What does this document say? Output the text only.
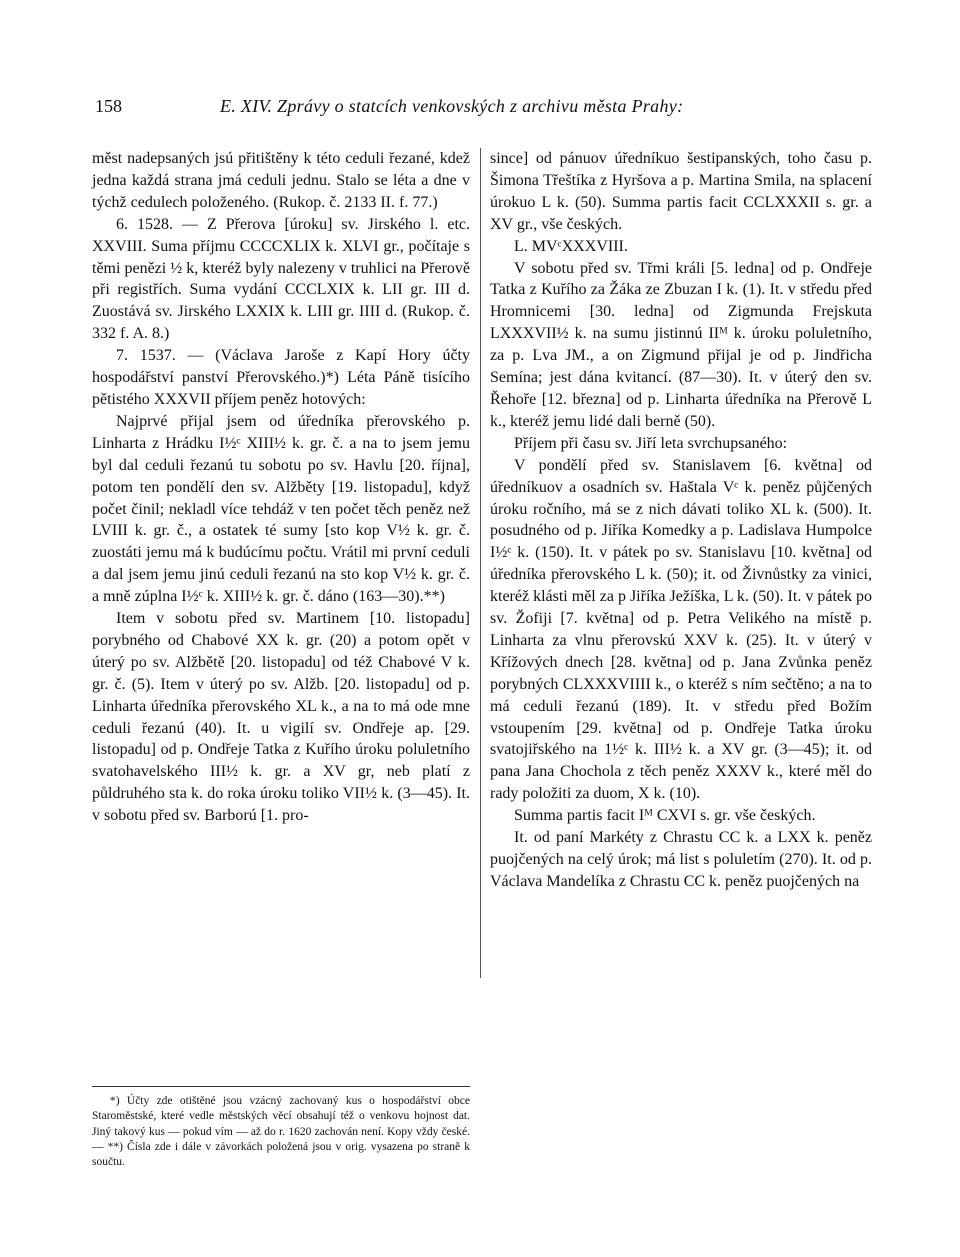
158	E. XIV. Zprávy o statcích venkovských z archivu města Prahy:

měst nadepsaných jsú přitištěny k této ceduli řezané, kdež jedna každá strana jmá ceduli jednu. Stalo se léta a dne v týchž cedulech položeného. (Rukop. č. 2133 II. f. 77.)

6. 1528. — Z Přerova [úroku] sv. Jirského l. etc. XXVIII. Suma příjmu CCCCXLIX k. XLVI gr., počítaje s těmi penězi ½ k, kteréž byly nalezeny v truhlici na Přerově při registřích. Suma vydání CCCLXIX k. LII gr. III d. Zuostává sv. Jirského LXXIX k. LIII gr. IIII d. (Rukop. č. 332 f. A. 8.)

7. 1537. — (Václava Jaroše z Kapí Hory účty hospodářství panství Přerovského.)*) Léta Páně tisícího pětistého XXXVII příjem peněz hotových:

Najprvé přijal jsem od úředníka přerovského p. Linharta z Hrádku I½ᶜ XIII½ k. gr. č. a na to jsem jemu byl dal ceduli řezanú tu sobotu po sv. Havlu [20. října], potom ten pondělí den sv. Alžběty [19. listopadu], když počet činil; nekladl více tehdáž v ten počet těch peněz než LVIII k. gr. č., a ostatek té sumy [sto kop V½ k. gr. č. zuostáti jemu má k budúcímu počtu. Vrátil mi první ceduli a dal jsem jemu jinú ceduli řezanú na sto kop V½ k. gr. č. a mně zúplna I½ᶜ k. XIII½ k. gr. č. dáno (163—30).**)

Item v sobotu před sv. Martinem [10. listopadu] porybného od Chabové XX k. gr. (20) a potom opět v úterý po sv. Alžbětě [20. listopadu] od též Chabové V k. gr. č. (5). Item v úterý po sv. Alžb. [20. listopadu] od p. Linharta úředníka přerovského XL k., a na to má ode mne ceduli řezanú (40). It. u vigilí sv. Ondřeje ap. [29. listopadu] od p. Ondřeje Tatka z Kuřího úroku poluletního svatohavelského III½ k. gr. a XV gr, neb platí z půldruhého sta k. do roka úroku toliko VII½ k. (3—45). It. v sobotu před sv. Barború [1. pro-

since] od pánuov úředníkuo šestipanských, toho času p. Šimona Třeštíka z Hyršova a p. Martina Smila, na splacení úrokuo L k. (50). Summa partis facit CCLXXXII s. gr. a XV gr., vše českých.

L. MVᶜXXXVIII.

V sobotu před sv. Třmi králi [5. ledna] od p. Ondřeje Tatka z Kuřího za Žáka ze Zbuzan I k. (1). It. v středu před Hromnicemi [30. ledna] od Zigmunda Frejskuta LXXXVII½ k. na sumu jistinnú IIᴹ k. úroku poluletního, za p. Lva JM., a on Zigmund přijal je od p. Jindřicha Semína; jest dána kvitancí. (87—30). It. v úterý den sv. Řehoře [12. března] od p. Linharta úředníka na Přerově L k., kteréž jemu lidé dali berně (50).

Příjem při času sv. Jiří leta svrchupsaného:

V pondělí před sv. Stanislavem [6. května] od úředníkuov a osadních sv. Haštala Vᶜ k. peněz půjčených úroku ročního, má se z nich dávati toliko XL k. (500). It. posudného od p. Jiříka Komedky a p. Ladislava Humpolce I½ᶜ k. (150). It. v pátek po sv. Stanislavu [10. května] od úředníka přerovského L k. (50); it. od Živnůstky za vinici, kteréž klásti měl za p Jiříka Ježíška, L k. (50). It. v pátek po sv. Žofiji [7. května] od p. Petra Velikého na místě p. Linharta za vlnu přerovskú XXV k. (25). It. v úterý v Křížových dnech [28. května] od p. Jana Zvůnka peněz porybných CLXXXVIIII k., o kteréž s ním sečtěno; a na to má ceduli řezanú (189). It. v středu před Božím vstoupením [29. května] od p. Ondřeje Tatka úroku svatojiřského na 1½ᶜ k. III½ k. a XV gr. (3—45); it. od pana Jana Chochola z těch peněz XXXV k., které měl do rady položiti za duom, X k. (10).

Summa partis facit Iᴹ CXVI s. gr. vše českých.

It. od paní Markéty z Chrastu CC k. a LXX k. peněz puojčených na celý úrok; má list s poluletím (270). It. od p. Václava Mandelíka z Chrastu CC k. peněz puojčených na

*) Účty zde otištěné jsou vzácný zachovaný kus o hospodářství obce Staroměstské, které vedle městských věcí obsahují též o venkovu hojnost dat. Jiný takový kus — pokud vím — až do r. 1620 zachován není. Kopy vždy české. — **) Čísla zde i dále v závorkách položená jsou v orig. vysazena po straně k součtu.
